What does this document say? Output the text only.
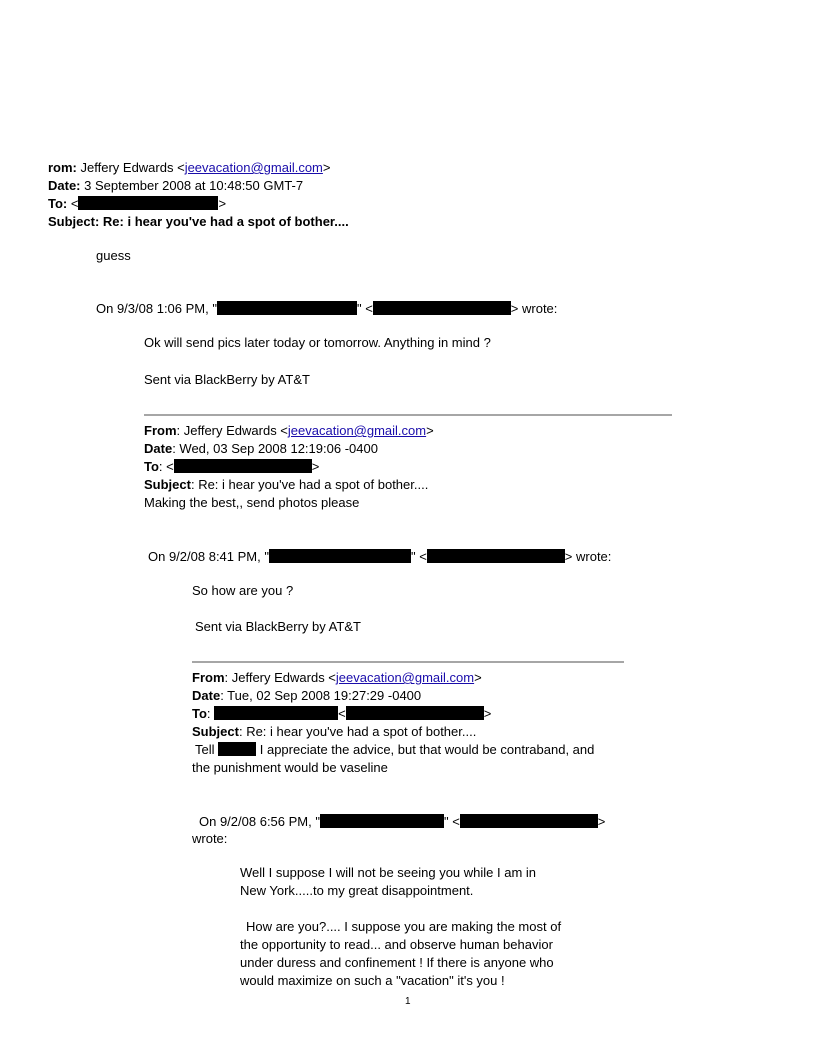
rom: Jeffery Edwards <jeevacation@gmail.com>
Date: 3 September 2008 at 10:48:50 GMT-7
To: <	>
Subject: Re: i hear you've had a spot of bother....
guess
On 9/3/08 1:06 PM, "	" <	> wrote:
Ok will send pics later today or tomorrow. Anything in mind ?
Sent via BlackBerry by AT&T
From: Jeffery Edwards <jeevacation@gmail.com>
Date: Wed, 03 Sep 2008 12:19:06 -0400
To: <	>
Subject: Re: i hear you've had a spot of bother....
Making the best,, send photos please
On 9/2/08 8:41 PM, "	" <	> wrote:
So how are you ?
Sent via BlackBerry by AT&T
From: Jeffery Edwards <jeevacation@gmail.com>
Date: Tue, 02 Sep 2008 19:27:29 -0400
To:	<	>
Subject: Re: i hear you've had a spot of bother....
Tell	I appreciate the advice, but that would be contraband, and
the punishment would be vaseline
On 9/2/08 6:56 PM, "	" <	>
wrote:
Well I suppose I will not be seeing you while I am in
New York.....to my great disappointment.
How are you?.... I suppose you are making the most of
the opportunity to read... and observe human behavior
under duress and confinement ! If there is anyone who
would maximize on such a "vacation" it's you !
1
